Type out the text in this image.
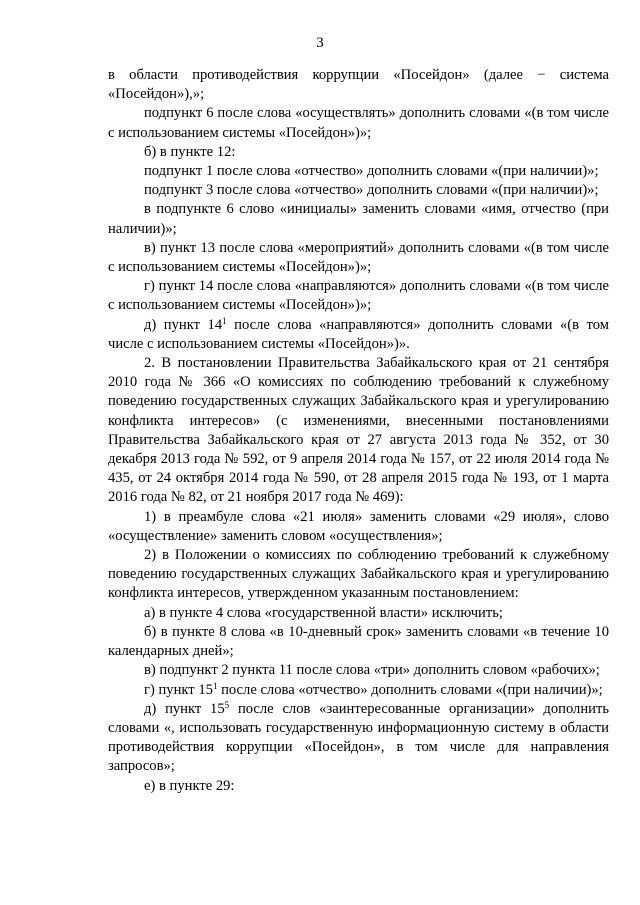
3

в области противодействия коррупции «Посейдон» (далее − система «Посейдон»),»;

подпункт 6 после слова «осуществлять» дополнить словами «(в том числе с использованием системы «Посейдон»)»;

б) в пункте 12:

подпункт 1 после слова «отчество» дополнить словами «(при наличии)»;

подпункт 3 после слова «отчество» дополнить словами «(при наличии)»;

в подпункте 6 слово «инициалы» заменить словами «имя, отчество (при наличии)»;

в) пункт 13 после слова «мероприятий» дополнить словами «(в том числе с использованием системы «Посейдон»)»;

г) пункт 14 после слова «направляются» дополнить словами «(в том числе с использованием системы «Посейдон»)»;

д) пункт $14^1$ после слова «направляются» дополнить словами «(в том числе с использованием системы «Посейдон»)».

2. В постановлении Правительства Забайкальского края от 21 сентября 2010 года № 366 «О комиссиях по соблюдению требований к служебному поведению государственных служащих Забайкальского края и урегулированию конфликта интересов» (с изменениями, внесенными постановлениями Правительства Забайкальского края от 27 августа 2013 года № 352, от 30 декабря 2013 года № 592, от 9 апреля 2014 года № 157, от 22 июля 2014 года № 435, от 24 октября 2014 года № 590, от 28 апреля 2015 года № 193, от 1 марта 2016 года № 82, от 21 ноября 2017 года № 469):

1) в преамбуле слова «21 июля» заменить словами «29 июля», слово «осуществление» заменить словом «осуществления»;

2) в Положении о комиссиях по соблюдению требований к служебному поведению государственных служащих Забайкальского края и урегулированию конфликта интересов, утвержденном указанным постановлением:

а) в пункте 4 слова «государственной власти» исключить;

б) в пункте 8 слова «в 10-дневный срок» заменить словами «в течение 10 календарных дней»;

в) подпункт 2 пункта 11 после слова «три» дополнить словом «рабочих»;

г) пункт $15^1$ после слова «отчество» дополнить словами «(при наличии)»;

д) пункт $15^5$ после слов «заинтересованные организации» дополнить словами «, использовать государственную информационную систему в области противодействия коррупции «Посейдон», в том числе для направления запросов»;

е) в пункте 29:
